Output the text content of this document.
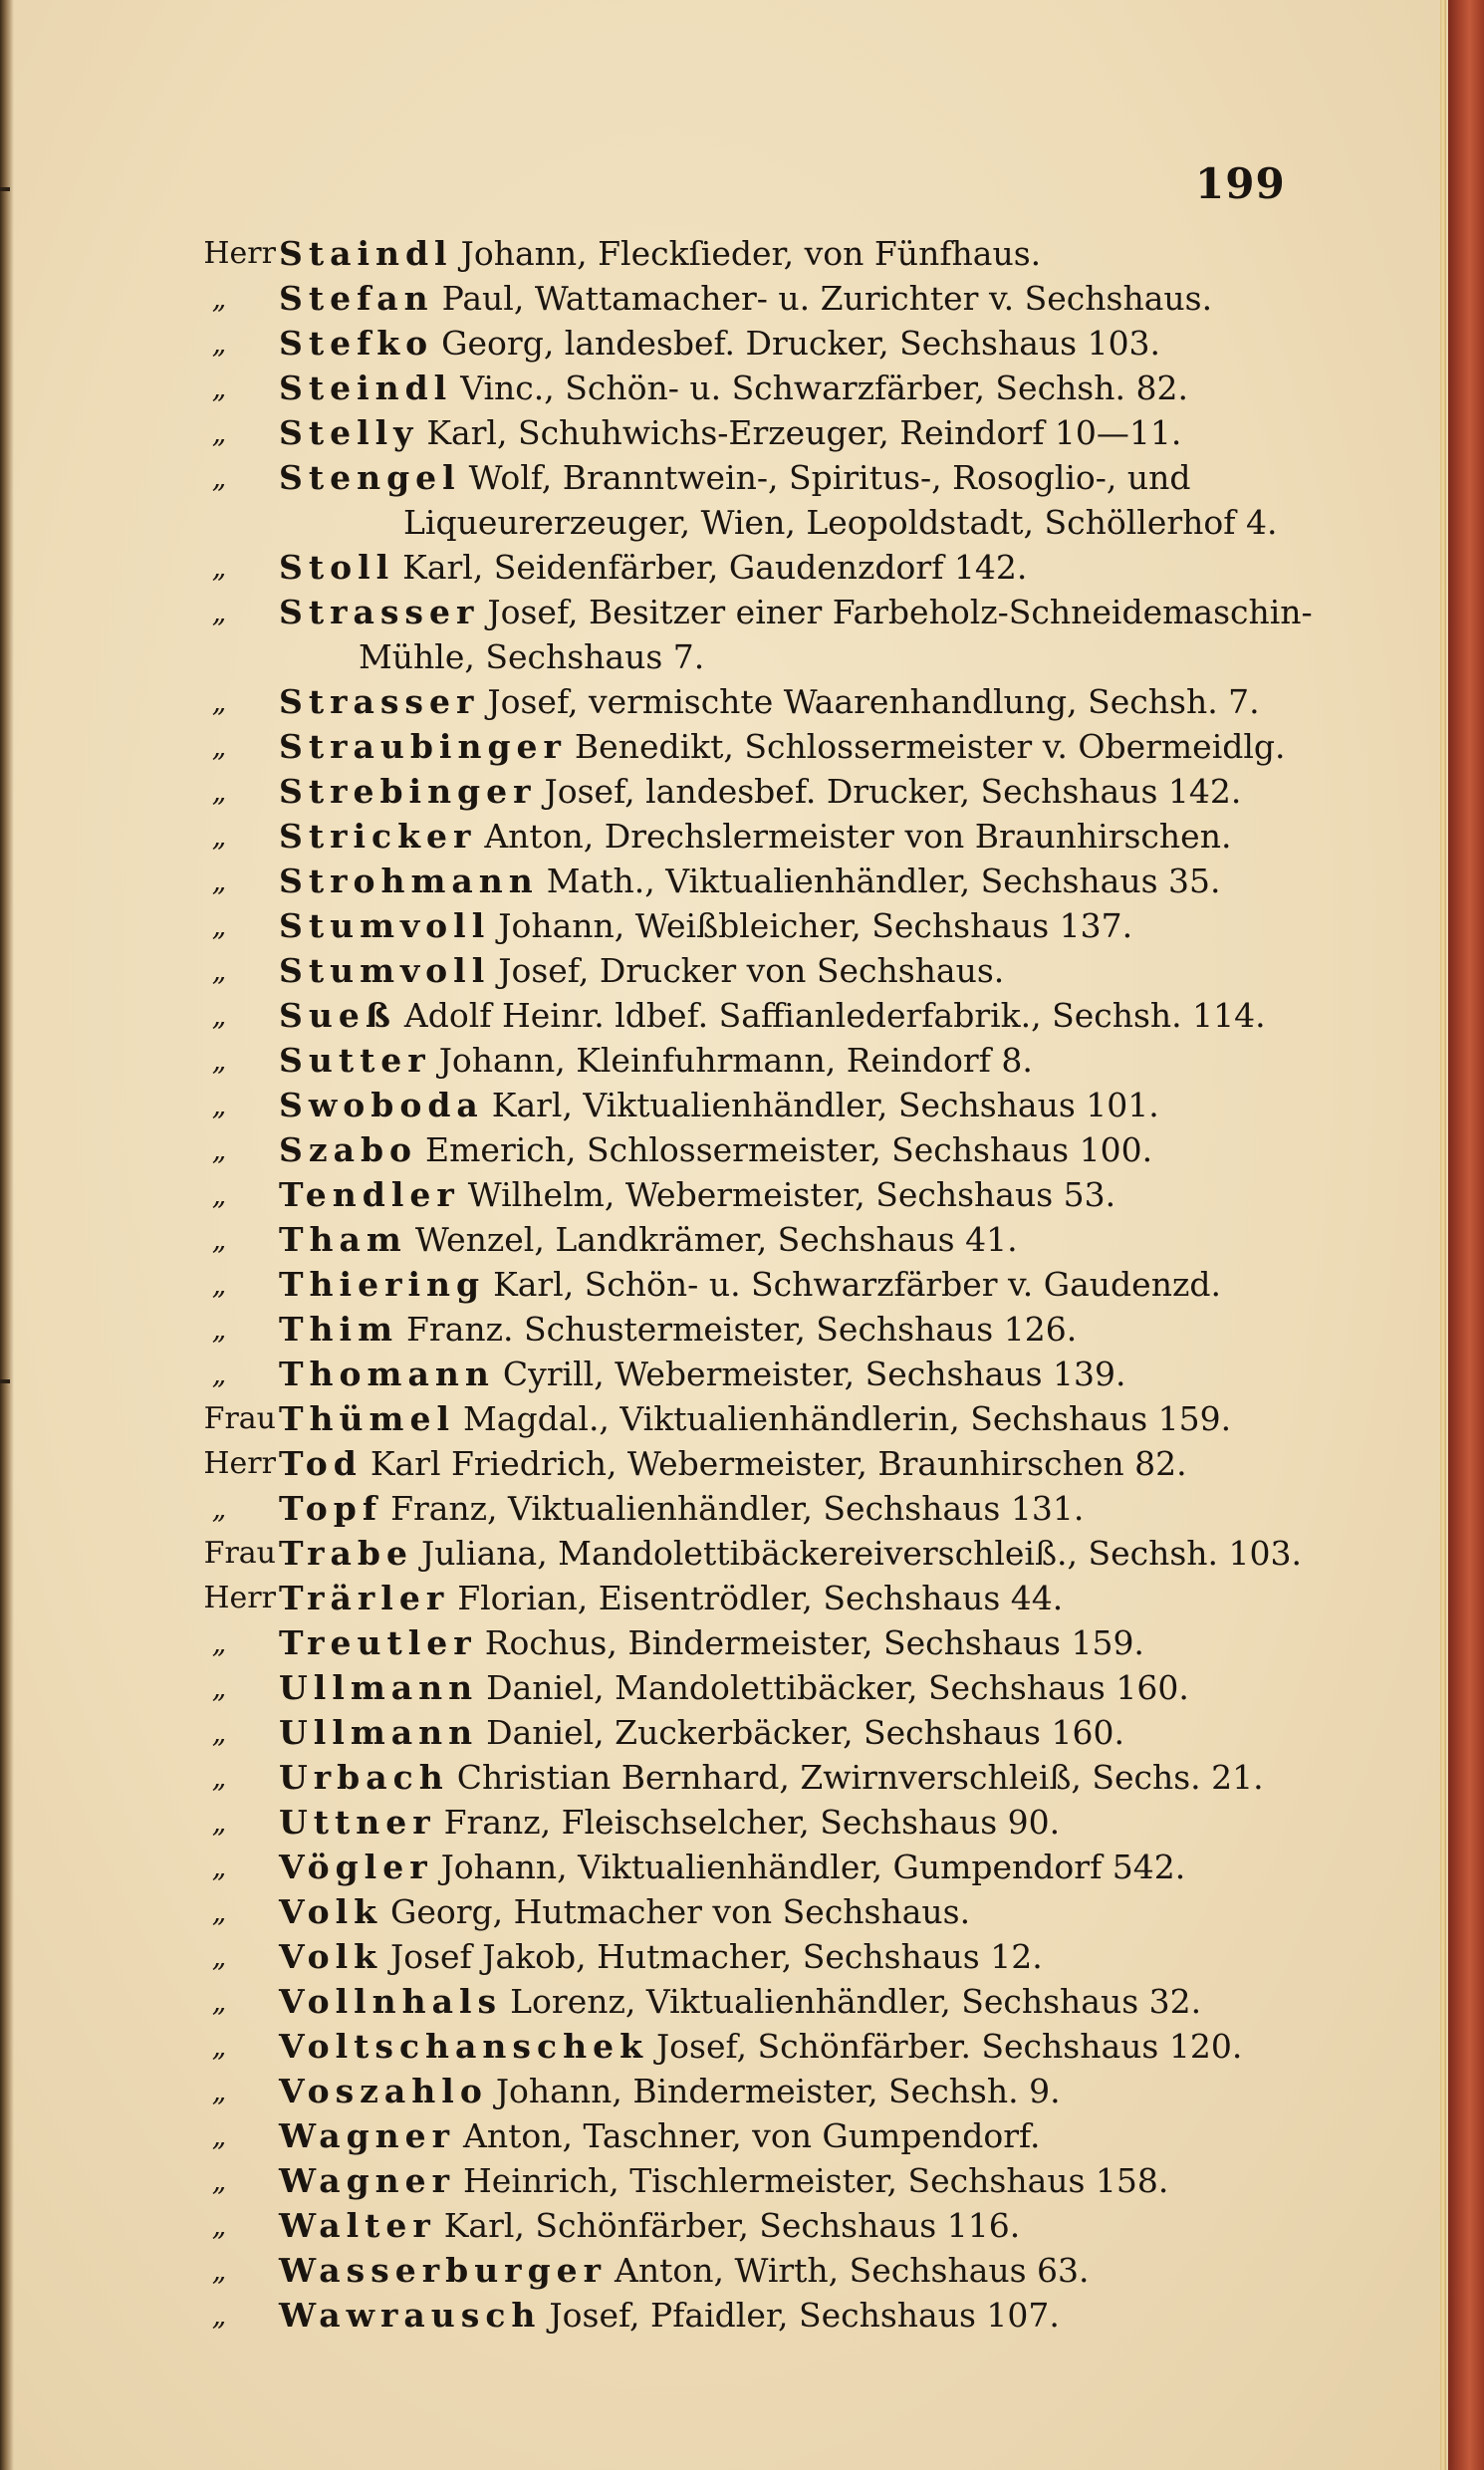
199
Herr Staindl Johann, Fleckſieder, von Fünfhaus.
„	Stefan Paul, Wattamacher- u. Zurichter v. Sechshaus.
„	Stefko Georg, landesbef. Drucker, Sechshaus 103.
„	Steindl Vinc., Schön- u. Schwarzfärber, Sechsh. 82.
„	Stelly Karl, Schuhwichs-Erzeuger, Reindorf 10—11.
„	Stengel Wolf, Branntwein-, Spiritus-, Rosoglio-, und
Liqueurerzeuger, Wien, Leopoldstadt, Schöllerhof 4.
„	Stoll Karl, Seidenfärber, Gaudenzdorf 142.
„	Strasser Josef, Besitzer einer Farbeholz-Schneidemaschin-
Mühle, Sechshaus 7.
„	Strasser Josef, vermischte Waarenhandlung, Sechsh. 7.
„	Straubinger Benedikt, Schlossermeister v. Obermeidlg.
„	Strebinger Josef, landesbef. Drucker, Sechshaus 142.
„	Stricker Anton, Drechslermeister von Braunhirschen.
„	Strohmann Math., Viktualienhändler, Sechshaus 35.
„	Stumvoll Johann, Weißbleicher, Sechshaus 137.
„	Stumvoll Josef, Drucker von Sechshaus.
„	Sueß Adolf Heinr. ldbef. Saffianlederfabrik., Sechsh. 114.
„	Sutter Johann, Kleinfuhrmann, Reindorf 8.
„	Swoboda Karl, Viktualienhändler, Sechshaus 101.
„	Szabo Emerich, Schlossermeister, Sechshaus 100.
„	Tendler Wilhelm, Webermeister, Sechshaus 53.
„	Tham Wenzel, Landkrämer, Sechshaus 41.
„	Thiering Karl, Schön- u. Schwarzfärber v. Gaudenzd.
„	Thim Franz. Schustermeister, Sechshaus 126.
„	Thomann Cyrill, Webermeister, Sechshaus 139.
Frau Thümel Magdal., Viktualienhändlerin, Sechshaus 159.
Herr Tod Karl Friedrich, Webermeister, Braunhirschen 82.
„	Topf Franz, Viktualienhändler, Sechshaus 131.
Frau Trabe Juliana, Mandolettibäckereiverschleiß., Sechsh. 103.
Herr Trärler Florian, Eisentrödler, Sechshaus 44.
„	Treutler Rochus, Bindermeister, Sechshaus 159.
„	Ullmann Daniel, Mandolettibäcker, Sechshaus 160.
„	Ullmann Daniel, Zuckerbäcker, Sechshaus 160.
„	Urbach Christian Bernhard, Zwirnverschleiß, Sechs. 21.
„	Uttner Franz, Fleischselcher, Sechshaus 90.
„	Vögler Johann, Viktualienhändler, Gumpendorf 542.
„	Volk Georg, Hutmacher von Sechshaus.
„	Volk Josef Jakob, Hutmacher, Sechshaus 12.
„	Vollnhals Lorenz, Viktualienhändler, Sechshaus 32.
„	Voltschanschek Josef, Schönfärber. Sechshaus 120.
„	Voszahlo Johann, Bindermeister, Sechsh. 9.
„	Wagner Anton, Taschner, von Gumpendorf.
„	Wagner Heinrich, Tischlermeister, Sechshaus 158.
„	Walter Karl, Schönfärber, Sechshaus 116.
„	Wasserburger Anton, Wirth, Sechshaus 63.
„	Wawrausch Josef, Pfaidler, Sechshaus 107.
